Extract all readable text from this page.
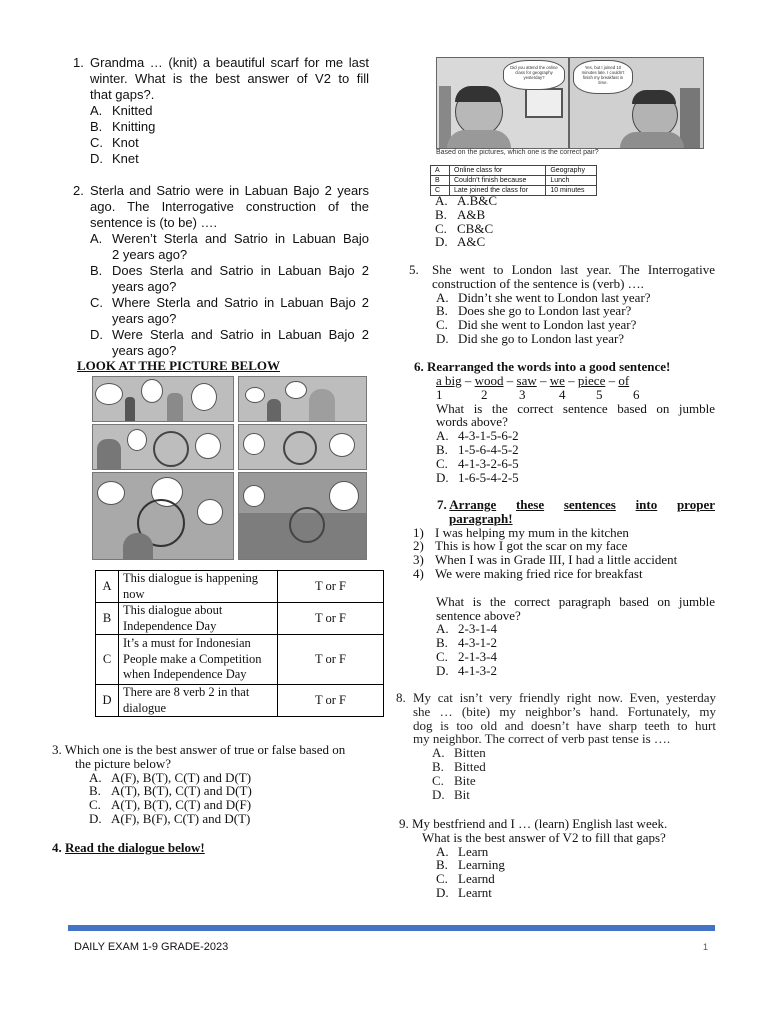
1. Grandma … (knit) a beautiful scarf for me last
winter. What is the best answer of V2 to fill
that gaps?.
A. Knitted
B. Knitting
C. Knot
D. Knet
2. Sterla and Satrio were in Labuan Bajo 2 years
ago. The Interrogative construction of the
sentence is (to be) ….
A. Weren’t Sterla and Satrio in Labuan Bajo
2 years ago?
B. Does Sterla and Satrio in Labuan Bajo 2
years ago?
C. Where Sterla and Satrio in Labuan Bajo 2
years ago?
D. Were Sterla and Satrio in Labuan Bajo 2
years ago?
LOOK AT THE PICTURE BELOW
A	This dialogue is happening now	T or F
B	This dialogue about Independence Day	T or F
C	It’s a must for Indonesian People make a Competition when Independence Day	T or F
D	There are 8 verb 2 in that dialogue	T or F
3. Which one is the best answer of true or false based on
the picture below?
A. A(F), B(T), C(T) and D(T)
B. A(T), B(T), C(T) and D(T)
C. A(T), B(T), C(T) and D(F)
D. A(F), B(F), C(T) and D(T)
4. Read the dialogue below!
Did you attend the online class for geography yesterday?
Yes, but I joined 10 minutes late. I couldn’t finish my breakfast in time.
Based on the pictures, which one is the correct pair?
A	Online class for	Geography
B	Couldn’t finish because	Lunch
C	Late joined the class for	10 minutes
A. A.B&C
B. A&B
C. CB&C
D. A&C
5. She went to London last year. The Interrogative
construction of the sentence is (verb) ….
A. Didn’t she went to London last year?
B. Does she go to London last year?
C. Did she went to London last year?
D. Did she go to London last year?
6. Rearranged the words into a good sentence!
a big – wood – saw – we – piece – of
1	2 3	4 5 6
What is the correct sentence based on jumble
words above?
A. 4-3-1-5-6-2
B. 1-5-6-4-5-2
C. 4-1-3-2-6-5
D. 1-6-5-4-2-5
7. Arrange these sentences into proper
paragraph!
1) I was helping my mum in the kitchen
2) This is how I got the scar on my face
3) When I was in Grade III, I had a little accident
4) We were making fried rice for breakfast
What is the correct paragraph based on jumble
sentence above?
A. 2-3-1-4
B. 4-3-1-2
C. 2-1-3-4
D. 4-1-3-2
8. My cat isn’t very friendly right now. Even, yesterday
she … (bite) my neighbor’s hand. Fortunately, my
dog is too old and doesn’t have sharp teeth to hurt
my neighbor. The correct of verb past tense is ….
A. Bitten
B. Bitted
C. Bite
D. Bit
9. My bestfriend and I … (learn) English last week.
What is the best answer of V2 to fill that gaps?
A. Learn
B. Learning
C. Learnd
D. Learnt
DAILY EXAM 1-9 GRADE-2023	1
